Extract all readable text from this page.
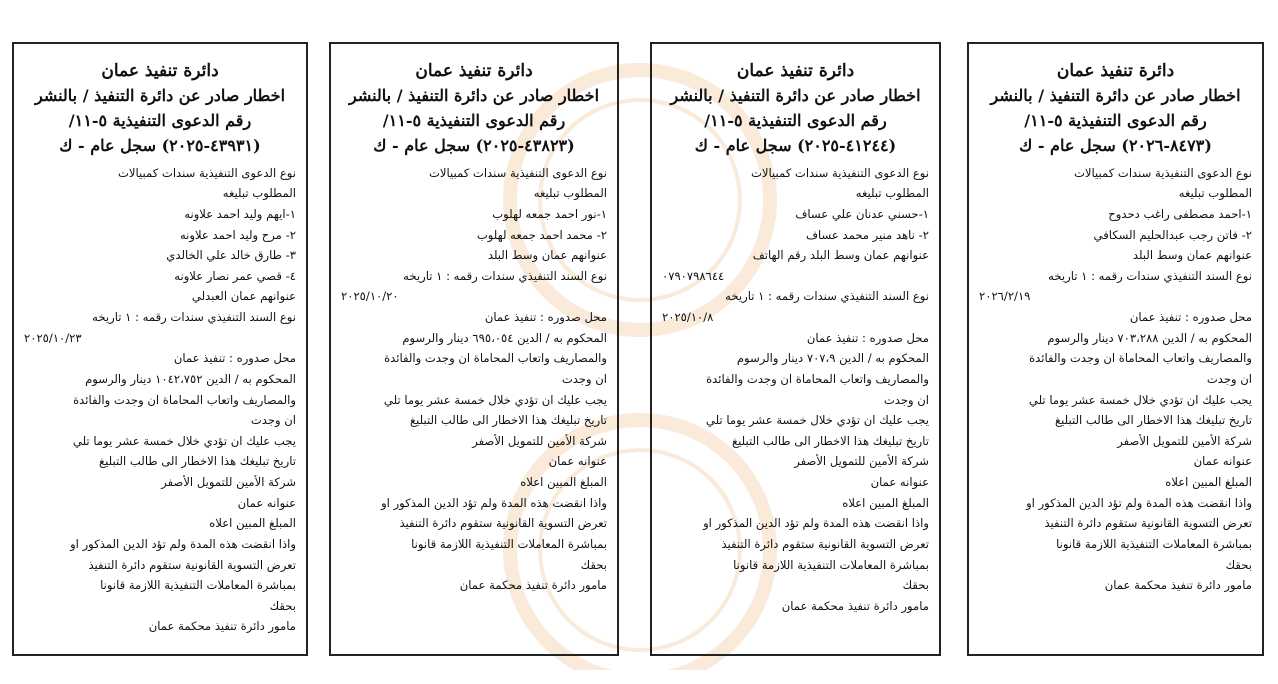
دائرة تنفيذ عمان
اخطار صادر عن دائرة التنفيذ / بالنشر
رقم الدعوى التنفيذية ٥-١١/
(٤٣٩٣١-٢٠٢٥) سجل عام - ك
نوع الدعوى التنفيذية سندات كمبيالات
المطلوب تبليغه
١-ايهم وليد احمد علاونه
٢- مرح وليد احمد علاونه
٣- طارق خالد علي الخالدي
٤- قصي عمر نصار علاونه
عنوانهم عمان العبدلي
نوع السند التنفيذي سندات رقمه : ١ تاريخه
٢٠٢٥/١٠/٢٣
محل صدوره : تنفيذ عمان
المحكوم به / الدين ١٠٤٢،٧٥٢ دينار والرسوم
والمصاريف واتعاب المحاماة ان وجدت والفائدة
ان وجدت
يجب عليك ان تؤدي خلال خمسة عشر يوما تلي
تاريخ تبليغك هذا الاخطار الى طالب التبليغ
شركة الأمين للتمويل الأصفر
عنوانه عمان
المبلغ المبين اعلاه
واذا انقضت هذه المدة ولم تؤد الدين المذكور او
تعرض التسوية القانونية ستقوم دائرة التنفيذ
بمباشرة المعاملات التنفيذية اللازمة قانونا
بحقك
مامور دائرة تنفيذ محكمة عمان
دائرة تنفيذ عمان
اخطار صادر عن دائرة التنفيذ / بالنشر
رقم الدعوى التنفيذية ٥-١١/
(٤٣٨٢٣-٢٠٢٥) سجل عام - ك
نوع الدعوى التنفيذية سندات كمبيالات
المطلوب تبليغه
١-نور احمد جمعه لهلوب
٢- محمد احمد جمعه لهلوب
عنوانهم عمان وسط البلد
نوع السند التنفيذي سندات رقمه : ١ تاريخه
٢٠٢٥/١٠/٢٠
محل صدوره : تنفيذ عمان
المحكوم به / الدين ٦٩٥،٠٥٤ دينار والرسوم
والمصاريف واتعاب المحاماة ان وجدت والفائدة
ان وجدت
يجب عليك ان تؤدي خلال خمسة عشر يوما تلي
تاريخ تبليغك هذا الاخطار الى طالب التبليغ
شركة الأمين للتمويل الأصفر
عنوانه عمان
المبلغ المبين اعلاه
واذا انقضت هذه المدة ولم تؤد الدين المذكور او
تعرض التسوية القانونية ستقوم دائرة التنفيذ
بمباشرة المعاملات التنفيذية اللازمة قانونا
بحقك
مامور دائرة تنفيذ محكمة عمان
دائرة تنفيذ عمان
اخطار صادر عن دائرة التنفيذ / بالنشر
رقم الدعوى التنفيذية ٥-١١/
(٤١٢٤٤-٢٠٢٥) سجل عام - ك
نوع الدعوى التنفيذية سندات كمبيالات
المطلوب تبليغه
١-حسني عدنان علي عساف
٢- ناهد منير محمد عساف
عنوانهم عمان وسط البلد رقم الهاتف
٠٧٩٠٧٩٨٦٤٤
نوع السند التنفيذي سندات رقمه : ١ تاريخه
٢٠٢٥/١٠/٨
محل صدوره : تنفيذ عمان
المحكوم به / الدين ٧٠٧،٩ دينار والرسوم
والمصاريف واتعاب المحاماة ان وجدت والفائدة
ان وجدت
يجب عليك ان تؤدي خلال خمسة عشر يوما تلي
تاريخ تبليغك هذا الاخطار الى طالب التبليغ
شركة الأمين للتمويل الأصفر
عنوانه عمان
المبلغ المبين اعلاه
واذا انقضت هذه المدة ولم تؤد الدين المذكور او
تعرض التسوية القانونية ستقوم دائرة التنفيذ
بمباشرة المعاملات التنفيذية اللازمة قانونا
بحقك
مامور دائرة تنفيذ محكمة عمان
دائرة تنفيذ عمان
اخطار صادر عن دائرة التنفيذ / بالنشر
رقم الدعوى التنفيذية ٥-١١/
(٨٤٧٣-٢٠٢٦) سجل عام - ك
نوع الدعوى التنفيذية سندات كمبيالات
المطلوب تبليغه
١-احمد مصطفى راغب دحدوح
٢- فاتن رجب عبدالحليم السكافي
عنوانهم عمان وسط البلد
نوع السند التنفيذي سندات رقمه : ١ تاريخه
٢٠٢٦/٢/١٩
محل صدوره : تنفيذ عمان
المحكوم به / الدين ٧٠٣،٢٨٨ دينار والرسوم
والمصاريف واتعاب المحاماة ان وجدت والفائدة
ان وجدت
يجب عليك ان تؤدي خلال خمسة عشر يوما تلي
تاريخ تبليغك هذا الاخطار الى طالب التبليغ
شركة الأمين للتمويل الأصفر
عنوانه عمان
المبلغ المبين اعلاه
واذا انقضت هذه المدة ولم تؤد الدين المذكور او
تعرض التسوية القانونية ستقوم دائرة التنفيذ
بمباشرة المعاملات التنفيذية اللازمة قانونا
بحقك
مامور دائرة تنفيذ محكمة عمان
